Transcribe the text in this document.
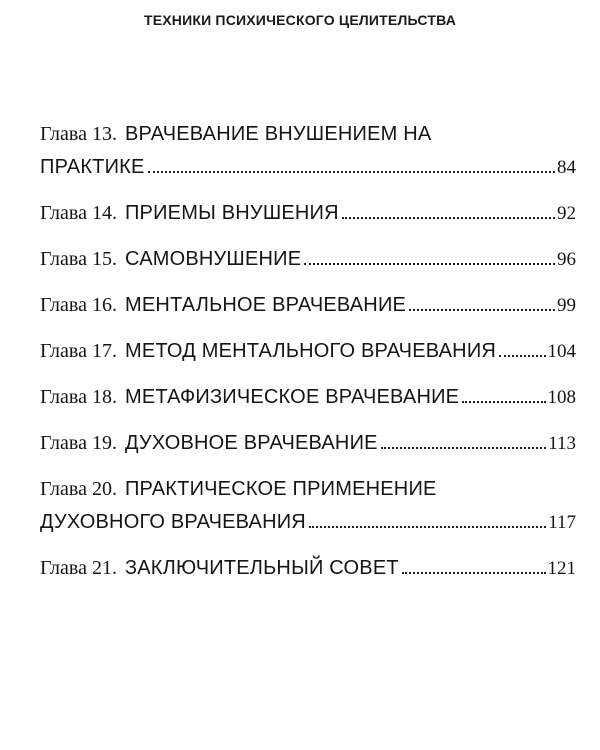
ТЕХНИКИ ПСИХИЧЕСКОГО ЦЕЛИТЕЛЬСТВА
Глава 13. ВРАЧЕВАНИЕ ВНУШЕНИЕМ НА
ПРАКТИКЕ	84
Глава 14. ПРИЕМЫ ВНУШЕНИЯ	92
Глава 15. САМОВНУШЕНИЕ	96
Глава 16. МЕНТАЛЬНОЕ ВРАЧЕВАНИЕ	99
Глава 17. МЕТОД МЕНТАЛЬНОГО ВРАЧЕВАНИЯ	104
Глава 18. МЕТАФИЗИЧЕСКОЕ ВРАЧЕВАНИЕ	108
Глава 19. ДУХОВНОЕ ВРАЧЕВАНИЕ	113
Глава 20. ПРАКТИЧЕСКОЕ ПРИМЕНЕНИЕ
ДУХОВНОГО ВРАЧЕВАНИЯ	117
Глава 21. ЗАКЛЮЧИТЕЛЬНЫЙ СОВЕТ	121
